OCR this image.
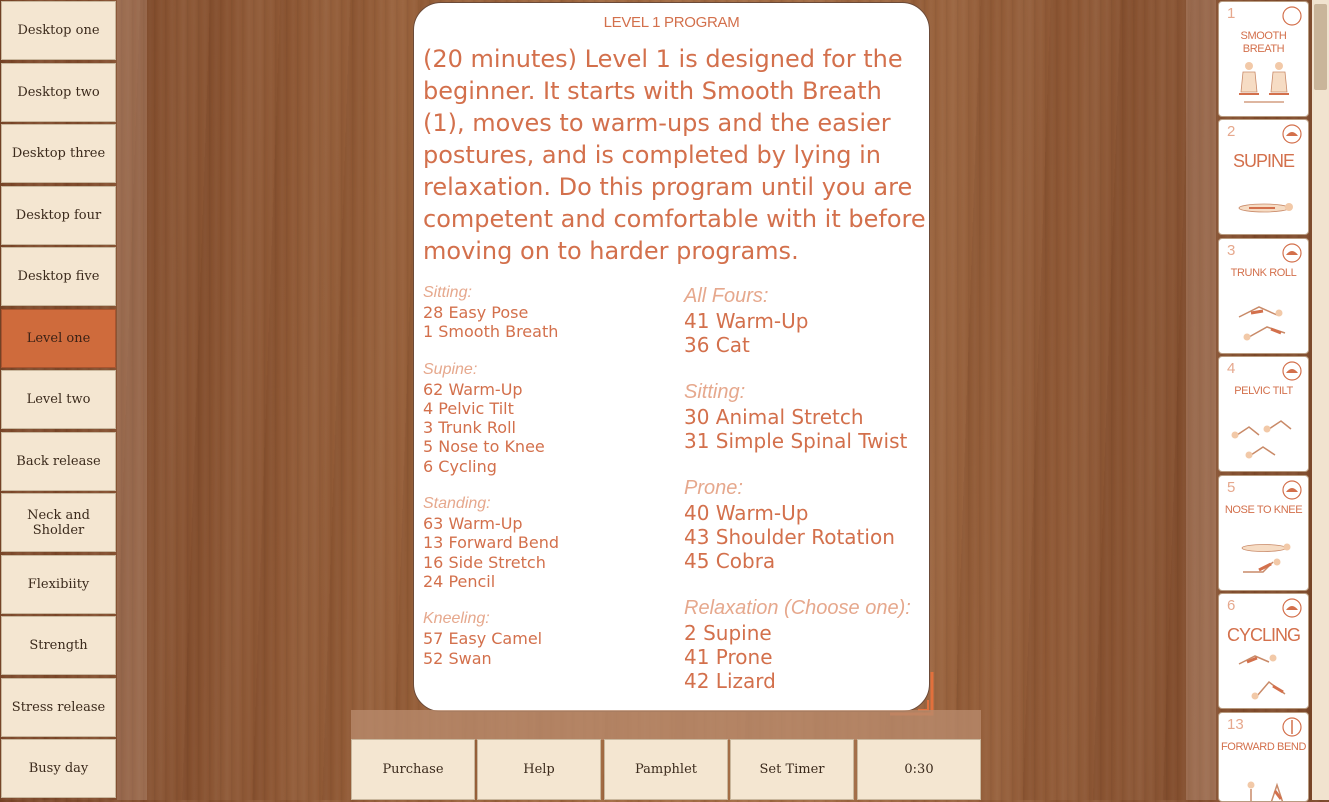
Desktop one
Desktop two
Desktop three
Desktop four
Desktop five
Level one
Level two
Back release
Neck and Sholder
Flexibiity
Strength
Stress release
Busy day
LEVEL 1 PROGRAM

(20 minutes) Level 1 is designed for the beginner. It starts with Smooth Breath (1), moves to warm-ups and the easier postures, and is completed by lying in relaxation. Do this program until you are competent and comfortable with it before moving on to harder programs.

Sitting:
28 Easy Pose
1 Smooth Breath
Supine:
62 Warm-Up
4 Pelvic Tilt
3 Trunk Roll
5 Nose to Knee
6 Cycling
Standing:
63 Warm-Up
13 Forward Bend
16 Side Stretch
24 Pencil
Kneeling:
57 Easy Camel
52 Swan
All Fours:
41 Warm-Up
36 Cat
Sitting:
30 Animal Stretch
31 Simple Spinal Twist
Prone:
40 Warm-Up
43 Shoulder Rotation
45 Cobra
Relaxation (Choose one):
2 Supine
41 Prone
42 Lizard
Purchase	Help	Pamphlet	Set Timer	0:30
1
SMOOTH BREATH
2
SUPINE
3
TRUNK ROLL
4
PELVIC TILT
5
NOSE TO KNEE
6
CYCLING
13
FORWARD BEND
